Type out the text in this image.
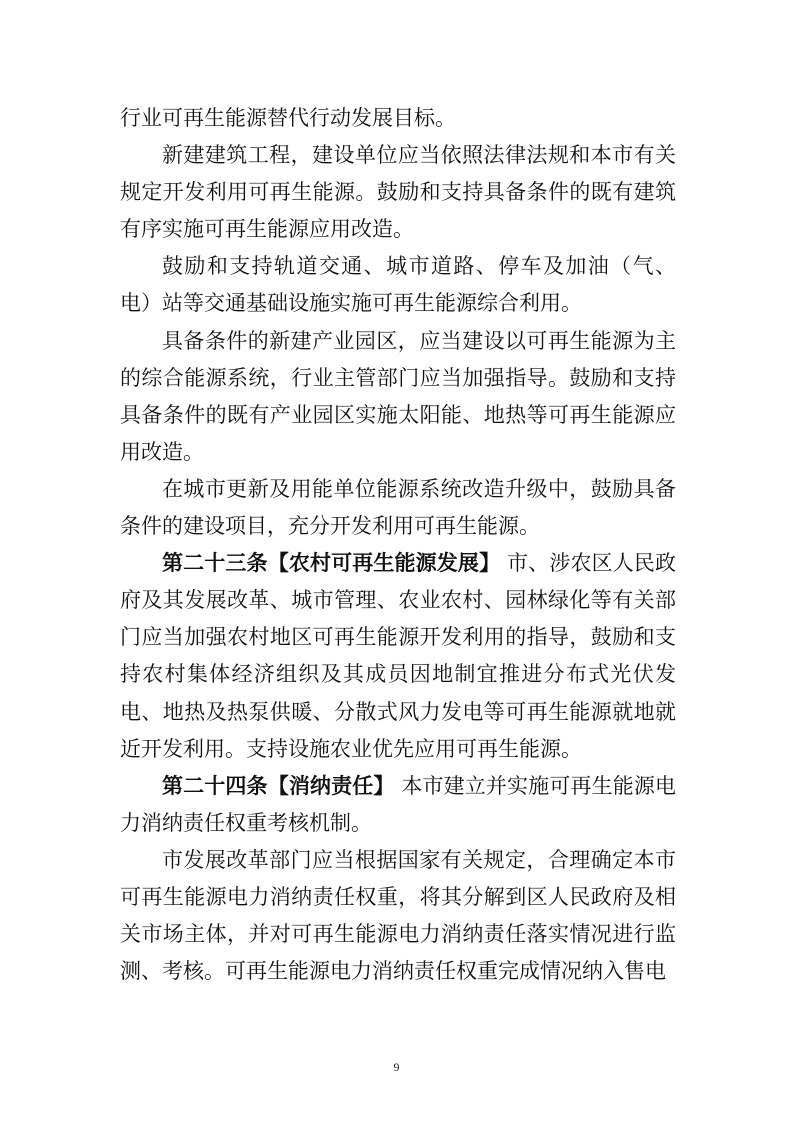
行业可再生能源替代行动发展目标。

新建建筑工程，建设单位应当依照法律法规和本市有关规定开发利用可再生能源。鼓励和支持具备条件的既有建筑有序实施可再生能源应用改造。

鼓励和支持轨道交通、城市道路、停车及加油（气、电）站等交通基础设施实施可再生能源综合利用。

具备条件的新建产业园区，应当建设以可再生能源为主的综合能源系统，行业主管部门应当加强指导。鼓励和支持具备条件的既有产业园区实施太阳能、地热等可再生能源应用改造。

在城市更新及用能单位能源系统改造升级中，鼓励具备条件的建设项目，充分开发利用可再生能源。

第二十三条【农村可再生能源发展】 市、涉农区人民政府及其发展改革、城市管理、农业农村、园林绿化等有关部门应当加强农村地区可再生能源开发利用的指导，鼓励和支持农村集体经济组织及其成员因地制宜推进分布式光伏发电、地热及热泵供暖、分散式风力发电等可再生能源就地就近开发利用。支持设施农业优先应用可再生能源。

第二十四条【消纳责任】 本市建立并实施可再生能源电力消纳责任权重考核机制。

市发展改革部门应当根据国家有关规定，合理确定本市可再生能源电力消纳责任权重，将其分解到区人民政府及相关市场主体，并对可再生能源电力消纳责任落实情况进行监测、考核。可再生能源电力消纳责任权重完成情况纳入售电

9
